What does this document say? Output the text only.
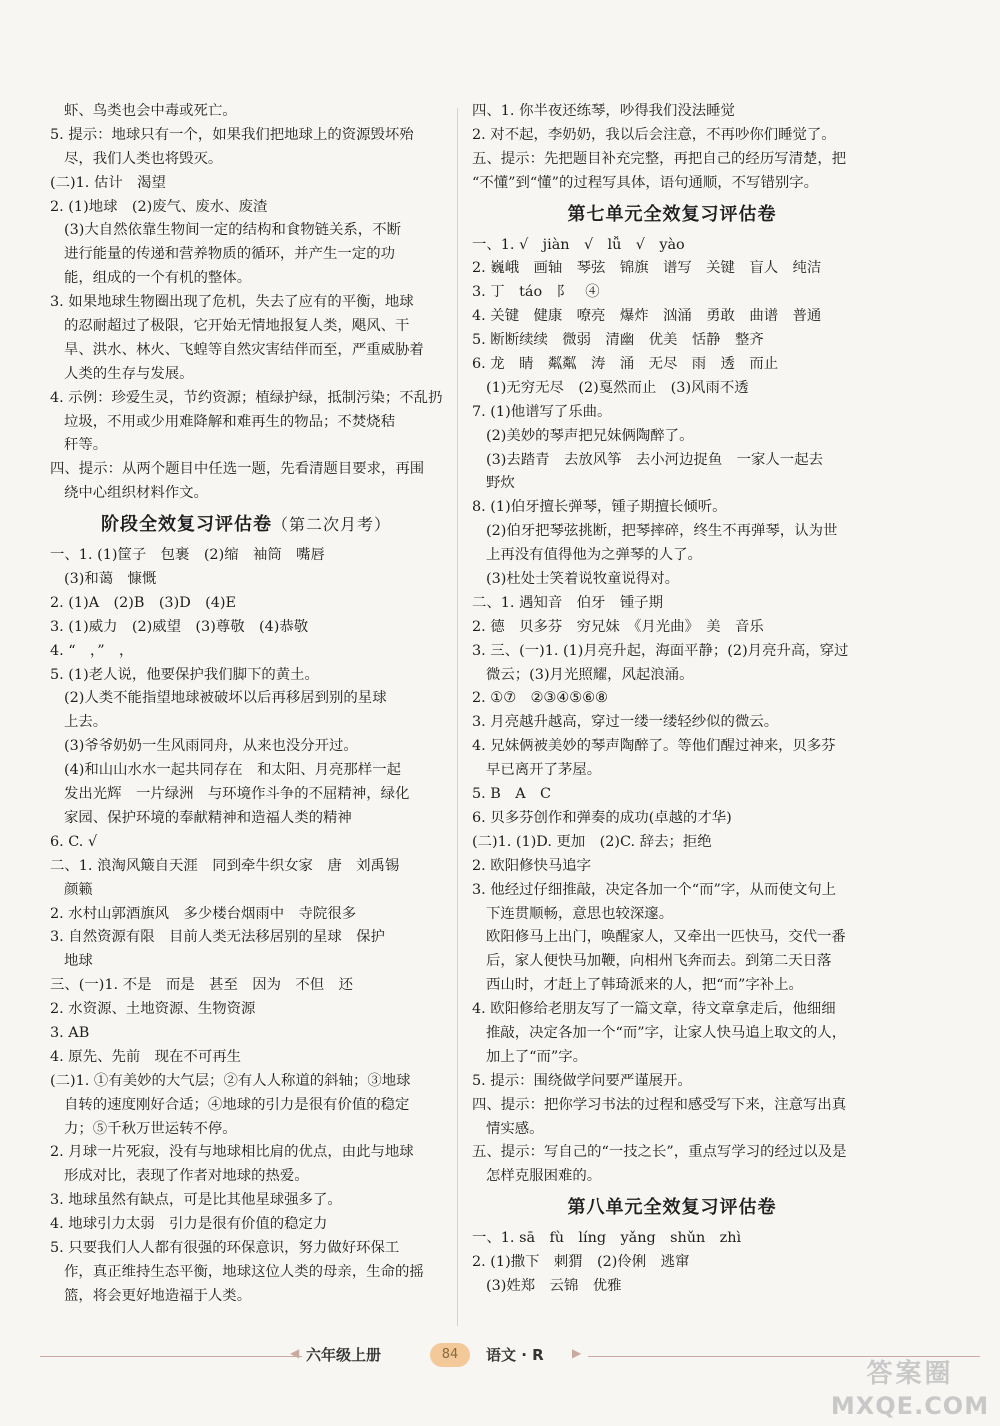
虾、鸟类也会中毒或死亡。
5. 提示：地球只有一个，如果我们把地球上的资源毁坏殆
尽，我们人类也将毁灭。
(二)1. 估计　渴望
2. (1)地球　(2)废气、废水、废渣
(3)大自然依靠生物间一定的结构和食物链关系，不断
进行能量的传递和营养物质的循环，并产生一定的功
能，组成的一个有机的整体。
3. 如果地球生物圈出现了危机，失去了应有的平衡，地球
的忍耐超过了极限，它开始无情地报复人类，飓风、干
旱、洪水、林火、飞蝗等自然灾害结伴而至，严重威胁着
人类的生存与发展。
4. 示例：珍爱生灵，节约资源；植绿护绿，抵制污染；不乱扔
垃圾，不用或少用难降解和难再生的物品；不焚烧秸
秆等。
四、提示：从两个题目中任选一题，先看清题目要求，再围
绕中心组织材料作文。
阶段全效复习评估卷（第二次月考）
一、1. (1)筐子　包裹　(2)缩　袖筒　嘴唇
(3)和蔼　慷慨
2. (1)A　(2)B　(3)D　(4)E
3. (1)威力　(2)威望　(3)尊敬　(4)恭敬
4. “　，”　，
5. (1)老人说，他要保护我们脚下的黄土。
(2)人类不能指望地球被破坏以后再移居到别的星球
上去。
(3)爷爷奶奶一生风雨同舟，从来也没分开过。
(4)和山山水水一起共同存在　和太阳、月亮那样一起
发出光辉　一片绿洲　与环境作斗争的不屈精神，绿化
家园、保护环境的奉献精神和造福人类的精神
6. C. √
二、1. 浪淘风簸自天涯　同到牵牛织女家　唐　刘禹锡
颜籁
2. 水村山郭酒旗风　多少楼台烟雨中　寺院很多
3. 自然资源有限　目前人类无法移居别的星球　保护
地球
三、(一)1. 不是　而是　甚至　因为　不但　还
2. 水资源、土地资源、生物资源
3. AB
4. 原先、先前　现在不可再生
(二)1. ①有美妙的大气层；②有人人称道的斜轴；③地球
自转的速度刚好合适；④地球的引力是很有价值的稳定
力；⑤千秋万世运转不停。
2. 月球一片死寂，没有与地球相比肩的优点，由此与地球
形成对比，表现了作者对地球的热爱。
3. 地球虽然有缺点，可是比其他星球强多了。
4. 地球引力太弱　引力是很有价值的稳定力
5. 只要我们人人都有很强的环保意识，努力做好环保工
作，真正维持生态平衡，地球这位人类的母亲，生命的摇
篮，将会更好地造福于人类。
四、1. 你半夜还练琴，吵得我们没法睡觉
2. 对不起，李奶奶，我以后会注意，不再吵你们睡觉了。
五、提示：先把题目补充完整，再把自己的经历写清楚，把
“不懂”到“懂”的过程写具体，语句通顺，不写错别字。
第七单元全效复习评估卷
一、1. √　jiàn　√　lǚ　√　yào
2. 巍峨　画轴　琴弦　锦旗　谱写　关键　盲人　纯洁
3. 丁　táo　阝　④
4. 关键　健康　嘹亮　爆炸　汹涌　勇敢　曲谱　普通
5. 断断续续　微弱　清幽　优美　恬静　整齐
6. 龙　睛　粼粼　涛　涌　无尽　雨　透　而止
(1)无穷无尽　(2)戛然而止　(3)风雨不透
7. (1)他谱写了乐曲。
(2)美妙的琴声把兄妹俩陶醉了。
(3)去踏青　去放风筝　去小河边捉鱼　一家人一起去
野炊
8. (1)伯牙擅长弹琴，锺子期擅长倾听。
(2)伯牙把琴弦挑断，把琴摔碎，终生不再弹琴，认为世
上再没有值得他为之弹琴的人了。
(3)杜处士笑着说牧童说得对。
二、1. 遇知音　伯牙　锺子期
2. 德　贝多芬　穷兄妹　《月光曲》　美　音乐
3. 三、(一)1. (1)月亮升起，海面平静；(2)月亮升高，穿过
微云；(3)月光照耀，风起浪涌。
2. ①⑦　②③④⑤⑥⑧
3. 月亮越升越高，穿过一缕一缕轻纱似的微云。
4. 兄妹俩被美妙的琴声陶醉了。等他们醒过神来，贝多芬
早已离开了茅屋。
5. B　A　C
6. 贝多芬创作和弹奏的成功(卓越的才华)
(二)1. (1)D. 更加　(2)C. 辞去；拒绝
2. 欧阳修快马追字
3. 他经过仔细推敲，决定各加一个“而”字，从而使文句上
下连贯顺畅，意思也较深邃。
欧阳修马上出门，唤醒家人，又牵出一匹快马，交代一番
后，家人便快马加鞭，向相州飞奔而去。到第二天日落
西山时，才赶上了韩琦派来的人，把“而”字补上。
4. 欧阳修给老朋友写了一篇文章，待文章拿走后，他细细
推敲，决定各加一个“而”字，让家人快马追上取文的人，
加上了“而”字。
5. 提示：围绕做学问要严谨展开。
四、提示：把你学习书法的过程和感受写下来，注意写出真
情实感。
五、提示：写自己的“一技之长”，重点写学习的经过以及是
怎样克服困难的。
第八单元全效复习评估卷
一、1. sā　fù　líng　yǎng　shǔn　zhì
2. (1)撒下　刺猬　(2)伶俐　逃窜
(3)姓郑　云锦　优雅
◀ 六年级上册	84	语文 · R ▶
答案圈
MXQE.COM
